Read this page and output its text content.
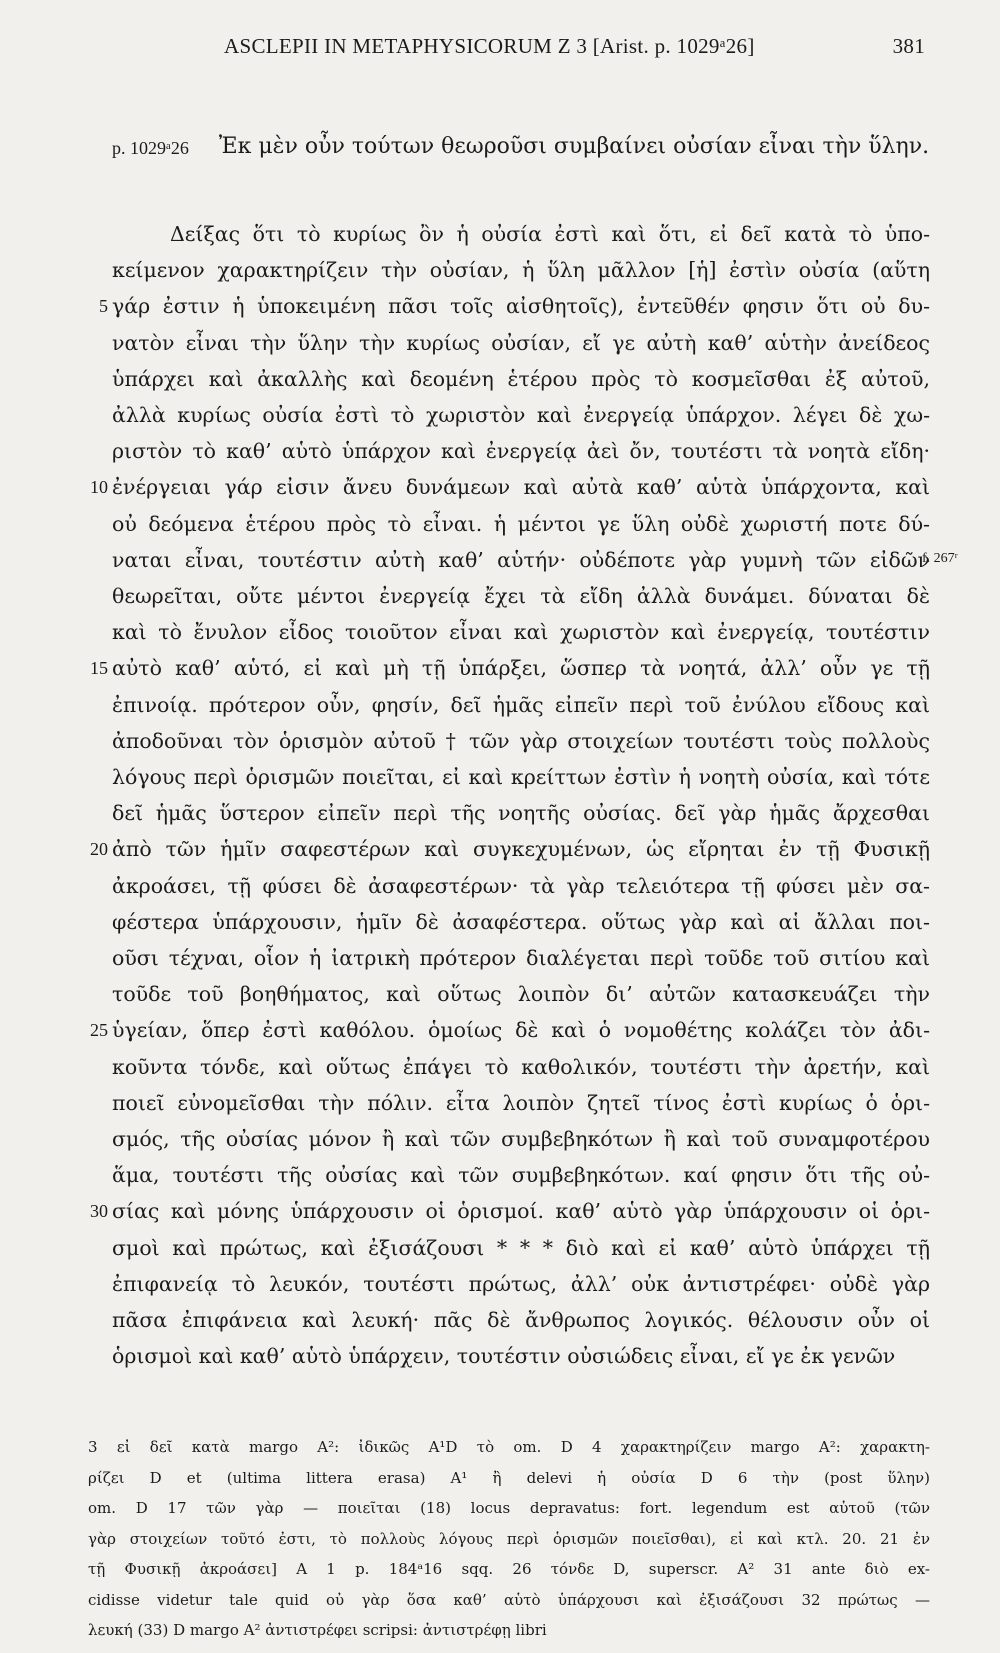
ASCLEPII IN METAPHYSICORUM Z 3 [Arist. p. 1029ᵃ26]	381
p. 1029ᵃ26 Ἐκ μὲν οὖν τούτων θεωροῦσι συμβαίνει οὐσίαν εἶναι τὴν ὕλην.
Δείξας ὅτι τὸ κυρίως ὂν ἡ οὐσία ἐστὶ καὶ ὅτι, εἰ δεῖ κατὰ τὸ ὑπο-
κείμενον χαρακτηρίζειν τὴν οὐσίαν, ἡ ὕλη μᾶλλον [ἡ] ἐστὶν οὐσία (αὕτη
γάρ ἐστιν ἡ ὑποκειμένη πᾶσι τοῖς αἰσθητοῖς), ἐντεῦθέν φησιν ὅτι οὐ δυ-
5
νατὸν εἶναι τὴν ὕλην τὴν κυρίως οὐσίαν, εἴ γε αὐτὴ καθ’ αὑτὴν ἀνείδεος
ὑπάρχει καὶ ἀκαλλὴς καὶ δεομένη ἑτέρου πρὸς τὸ κοσμεῖσθαι ἐξ αὐτοῦ,
ἀλλὰ κυρίως οὐσία ἐστὶ τὸ χωριστὸν καὶ ἐνεργείᾳ ὑπάρχον. λέγει δὲ χω-
ριστὸν τὸ καθ’ αὑτὸ ὑπάρχον καὶ ἐνεργείᾳ ἀεὶ ὄν, τουτέστι τὰ νοητὰ εἴδη·
ἐνέργειαι γάρ εἰσιν ἄνευ δυνάμεων καὶ αὐτὰ καθ’ αὑτὰ ὑπάρχοντα, καὶ
10
οὐ δεόμενα ἑτέρου πρὸς τὸ εἶναι. ἡ μέντοι γε ὕλη οὐδὲ χωριστή ποτε δύ-
ναται εἶναι, τουτέστιν αὐτὴ καθ’ αὑτήν· οὐδέποτε γὰρ γυμνὴ τῶν εἰδῶν
θεωρεῖται, οὔτε μέντοι ἐνεργείᾳ ἔχει τὰ εἴδη ἀλλὰ δυνάμει. δύναται δὲ
καὶ τὸ ἔνυλον εἶδος τοιοῦτον εἶναι καὶ χωριστὸν καὶ ἐνεργείᾳ, τουτέστιν
αὐτὸ καθ’ αὑτό, εἰ καὶ μὴ τῇ ὑπάρξει, ὥσπερ τὰ νοητά, ἀλλ’ οὖν γε τῇ
15
ἐπινοίᾳ. πρότερον οὖν, φησίν, δεῖ ἡμᾶς εἰπεῖν περὶ τοῦ ἐνύλου εἴδους καὶ
ἀποδοῦναι τὸν ὁρισμὸν αὐτοῦ † τῶν γὰρ στοιχείων τουτέστι τοὺς πολλοὺς
λόγους περὶ ὁρισμῶν ποιεῖται, εἰ καὶ κρείττων ἐστὶν ἡ νοητὴ οὐσία, καὶ τότε
δεῖ ἡμᾶς ὕστερον εἰπεῖν περὶ τῆς νοητῆς οὐσίας. δεῖ γὰρ ἡμᾶς ἄρχεσθαι
ἀπὸ τῶν ἡμῖν σαφεστέρων καὶ συγκεχυμένων, ὡς εἴρηται ἐν τῇ Φυσικῇ
20
ἀκροάσει, τῇ φύσει δὲ ἀσαφεστέρων· τὰ γὰρ τελειότερα τῇ φύσει μὲν σα-
φέστερα ὑπάρχουσιν, ἡμῖν δὲ ἀσαφέστερα. οὕτως γὰρ καὶ αἱ ἄλλαι ποι-
οῦσι τέχναι, οἷον ἡ ἰατρικὴ πρότερον διαλέγεται περὶ τοῦδε τοῦ σιτίου καὶ
τοῦδε τοῦ βοηθήματος, καὶ οὕτως λοιπὸν δι’ αὐτῶν κατασκευάζει τὴν
ὑγείαν, ὅπερ ἐστὶ καθόλου. ὁμοίως δὲ καὶ ὁ νομοθέτης κολάζει τὸν ἀδι-
25
κοῦντα τόνδε, καὶ οὕτως ἐπάγει τὸ καθολικόν, τουτέστι τὴν ἀρετήν, καὶ
ποιεῖ εὐνομεῖσθαι τὴν πόλιν. εἶτα λοιπὸν ζητεῖ τίνος ἐστὶ κυρίως ὁ ὁρι-
σμός, τῆς οὐσίας μόνον ἢ καὶ τῶν συμβεβηκότων ἢ καὶ τοῦ συναμφοτέρου
ἅμα, τουτέστι τῆς οὐσίας καὶ τῶν συμβεβηκότων. καί φησιν ὅτι τῆς οὐ-
σίας καὶ μόνης ὑπάρχουσιν οἱ ὁρισμοί. καθ’ αὑτὸ γὰρ ὑπάρχουσιν οἱ ὁρι-
30
σμοὶ καὶ πρώτως, καὶ ἐξισάζουσι * * * διὸ καὶ εἰ καθ’ αὑτὸ ὑπάρχει τῇ
ἐπιφανείᾳ τὸ λευκόν, τουτέστι πρώτως, ἀλλ’ οὐκ ἀντιστρέφει· οὐδὲ γὰρ
πᾶσα ἐπιφάνεια καὶ λευκή· πᾶς δὲ ἄνθρωπος λογικός. θέλουσιν οὖν οἱ
ὁρισμοὶ καὶ καθ’ αὑτὸ ὑπάρχειν, τουτέστιν οὐσιώδεις εἶναι, εἴ γε ἐκ γενῶν
f. 267ʳ
3 εἰ δεῖ κατὰ margo A²: ἰδικῶς A¹D τὸ om. D 4 χαρακτηρίζειν margo A²: χαρακτη-
ρίζει D et (ultima littera erasa) A¹ ἢ delevi ἡ οὐσία D 6 τὴν (post ὕλην)
om. D 17 τῶν γὰρ — ποιεῖται (18) locus depravatus: fort. legendum est αὐτοῦ (τῶν
γὰρ στοιχείων τοῦτό ἐστι, τὸ πολλοὺς λόγους περὶ ὁρισμῶν ποιεῖσθαι), εἰ καὶ κτλ. 20. 21 ἐν
τῇ Φυσικῇ ἀκροάσει] A 1 p. 184ᵃ16 sqq. 26 τόνδε D, superscr. A² 31 ante διὸ ex-
cidisse videtur tale quid οὐ γὰρ ὅσα καθ’ αὑτὸ ὑπάρχουσι καὶ ἐξισάζουσι 32 πρώτως —
λευκή (33) D margo A² ἀντιστρέφει scripsi: ἀντιστρέφῃ libri
